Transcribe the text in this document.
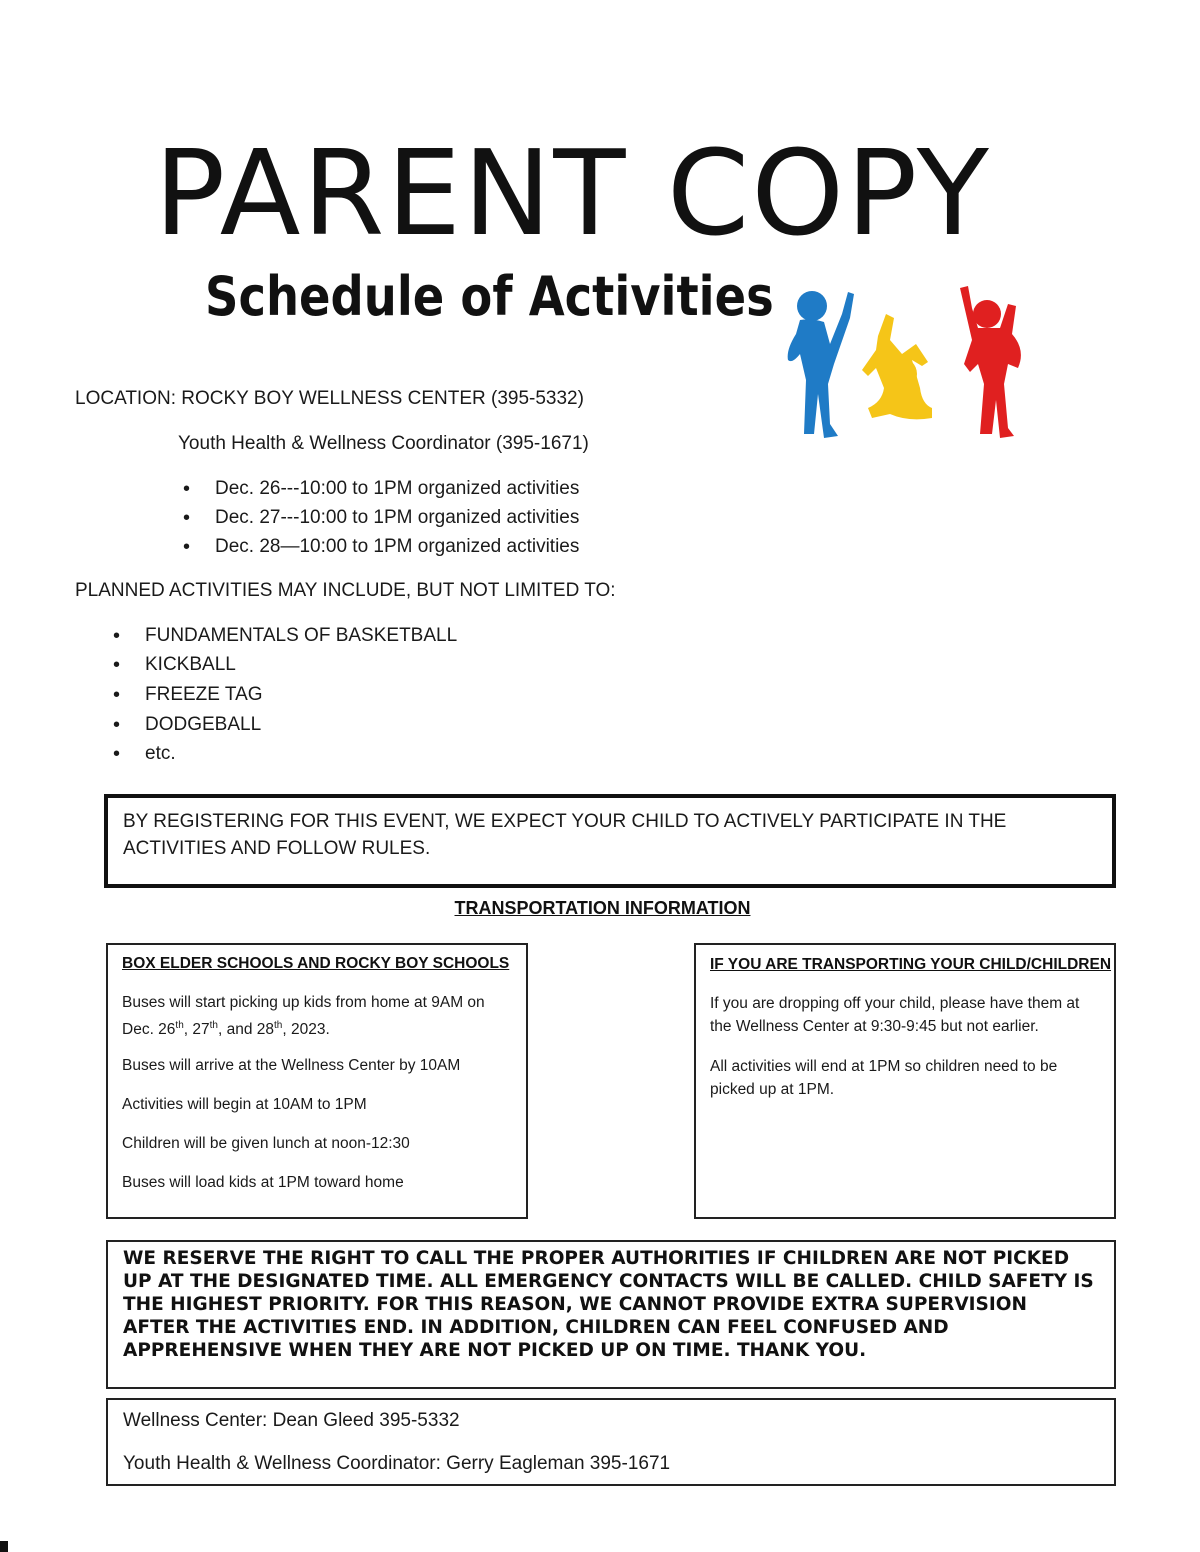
PARENT COPY
Schedule of Activities
LOCATION: ROCKY BOY WELLNESS CENTER (395-5332)
Youth Health & Wellness Coordinator (395-1671)
• Dec. 26---10:00 to 1PM organized activities
• Dec. 27---10:00 to 1PM organized activities
• Dec. 28—10:00 to 1PM organized activities
PLANNED ACTIVITIES MAY INCLUDE, BUT NOT LIMITED TO:
• FUNDAMENTALS OF BASKETBALL
• KICKBALL
• FREEZE TAG
• DODGEBALL
• etc.
BY REGISTERING FOR THIS EVENT, WE EXPECT YOUR CHILD TO ACTIVELY PARTICIPATE IN THE ACTIVITIES AND FOLLOW RULES.
TRANSPORTATION INFORMATION
BOX ELDER SCHOOLS AND ROCKY BOY SCHOOLS
Buses will start picking up kids from home at 9AM on Dec. 26th, 27th, and 28th, 2023.
Buses will arrive at the Wellness Center by 10AM
Activities will begin at 10AM to 1PM
Children will be given lunch at noon-12:30
Buses will load kids at 1PM toward home
IF YOU ARE TRANSPORTING YOUR CHILD/CHILDREN
If you are dropping off your child, please have them at the Wellness Center at 9:30-9:45 but not earlier.
All activities will end at 1PM so children need to be picked up at 1PM.
WE RESERVE THE RIGHT TO CALL THE PROPER AUTHORITIES IF CHILDREN ARE NOT PICKED UP AT THE DESIGNATED TIME. ALL EMERGENCY CONTACTS WILL BE CALLED. CHILD SAFETY IS THE HIGHEST PRIORITY. FOR THIS REASON, WE CANNOT PROVIDE EXTRA SUPERVISION AFTER THE ACTIVITIES END. IN ADDITION, CHILDREN CAN FEEL CONFUSED AND APPREHENSIVE WHEN THEY ARE NOT PICKED UP ON TIME. THANK YOU.
Wellness Center: Dean Gleed 395-5332
Youth Health & Wellness Coordinator: Gerry Eagleman 395-1671
